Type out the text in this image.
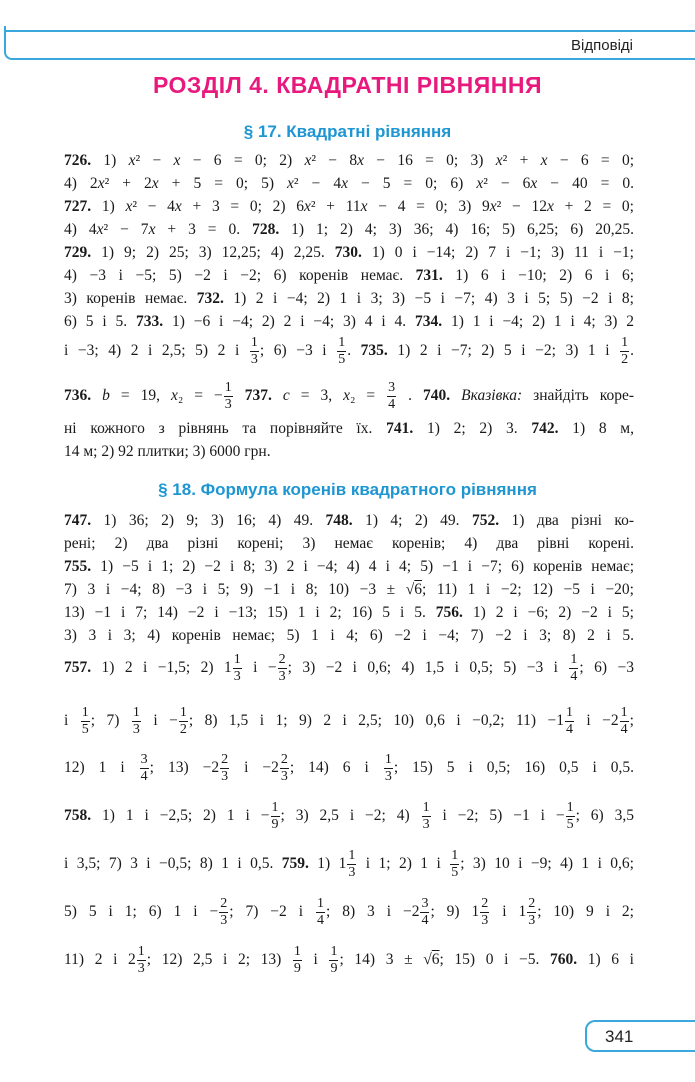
Відповіді
РОЗДІЛ 4. КВАДРАТНІ РІВНЯННЯ
§ 17. Квадратні рівняння
726. 1) x² − x − 6 = 0; 2) x² − 8x − 16 = 0; 3) x² + x − 6 = 0;
4) 2x² + 2x + 5 = 0; 5) x² − 4x − 5 = 0; 6) x² − 6x − 40 = 0.
727. 1) x² − 4x + 3 = 0; 2) 6x² + 11x − 4 = 0; 3) 9x² − 12x + 2 = 0;
4) 4x² − 7x + 3 = 0. 728. 1) 1; 2) 4; 3) 36; 4) 16; 5) 6,25; 6) 20,25.
729. 1) 9; 2) 25; 3) 12,25; 4) 2,25. 730. 1) 0 і −14; 2) 7 і −1; 3) 11 і −1;
4) −3 і −5; 5) −2 і −2; 6) коренів немає. 731. 1) 6 і −10; 2) 6 і 6;
3) коренів немає. 732. 1) 2 і −4; 2) 1 і 3; 3) −5 і −7; 4) 3 і 5; 5) −2 і 8;
6) 5 і 5. 733. 1) −6 і −4; 2) 2 і −4; 3) 4 і 4. 734. 1) 1 і −4; 2) 1 і 4; 3) 2
і −3; 4) 2 і 2,5; 5) 2 і $\frac{1}{3}$ ; 6) −3 і $\frac{1}{5}$ . 735. 1) 2 і −7; 2) 5 і −2; 3) 1 і $\frac{1}{2}$ .
736. b = 19, x₂ = − $\frac{1}{3} 737$. c = 3, $x_2 = \frac{3}{4}$ . 740. Вказівка: знайдіть коре-
ні кожного з рівнянь та порівняйте їх. 741. 1) 2; 2) 3. 742. 1) 8 м,
14 м; 2) 92 плитки; 3) 6000 грн.
§ 18. Формула коренів квадратного рівняння
747. 1) 36; 2) 9; 3) 16; 4) 49. 748. 1) 4; 2) 49. 752. 1) два різні ко-
рені; 2) два різні корені; 3) немає коренів; 4) два рівні корені.
755. 1) −5 і 1; 2) −2 і 8; 3) 2 і −4; 4) 4 і 4; 5) −1 і −7; 6) коренів немає;
7) 3 і −4; 8) −3 і 5; 9) −1 і 8; 10) −3 ± √6; 11) 1 і −2; 12) −5 і −20;
13) −1 і 7; 14) −2 і −13; 15) 1 і 2; 16) 5 і 5. 756. 1) 2 і −6; 2) −2 і 5;
3) 3 і 3; 4) коренів немає; 5) 1 і 4; 6) −2 і −4; 7) −2 і 3; 8) 2 і 5.
757. 1) 2 і −1,5; 2) $1 \frac{1}{3}$ $і - \frac{2}{3}$ ; 3) −2 і 0,6; 4) 1,5 і 0,5; 5) −3 і $\frac{1}{4}$ ; 6) −3
і $\frac{1}{5}$ ; $7) \frac{1}{3}$ $і - \frac{1}{2}$ ; 8) 1,5 і 1; 9) 2 і 2,5; 10) 0,6 і −0,2; $11) -1 \frac{1}{4}$ $і -2 \frac{1}{4}$ ;
12) 1 і $\frac{3}{4}$ ; $13) -2 \frac{2}{3}$ $і -2 \frac{2}{3}$ ; 14) 6 і $\frac{1}{3}$ ; 15) 5 і 0,5; 16) 0,5 і 0,5.
758. 1) 1 і −2,5; 2) 1 $і - \frac{1}{9}$ ; 3) 2,5 і −2; $4) \frac{1}{3}$ і −2; 5) −1 $і - \frac{1}{5}$ ; 6) 3,5
і 3,5; 7) 3 і −0,5; 8) 1 і 0,5. 759. 1) $1 \frac{1}{3}$ і 1; 2) 1 і $\frac{1}{5}$ ; 3) 10 і −9; 4) 1 і 0,6;
5) 5 і 1; 6) 1 $і - \frac{2}{3}$ ; 7) −2 і $\frac{1}{4}$ ; 8) 3 $і -2 \frac{3}{4}$ ; 9) $1 \frac{2}{3}$ і $1 \frac{2}{3}$ ; 10) 9 і 2;
11) 2 і $2 \frac{1}{3}$ ; 12) 2,5 і 2; $13) \frac{1}{9}$ і $\frac{1}{9}$ ; 14) 3 ± √6; 15) 0 і −5. 760. 1) 6 і
341
